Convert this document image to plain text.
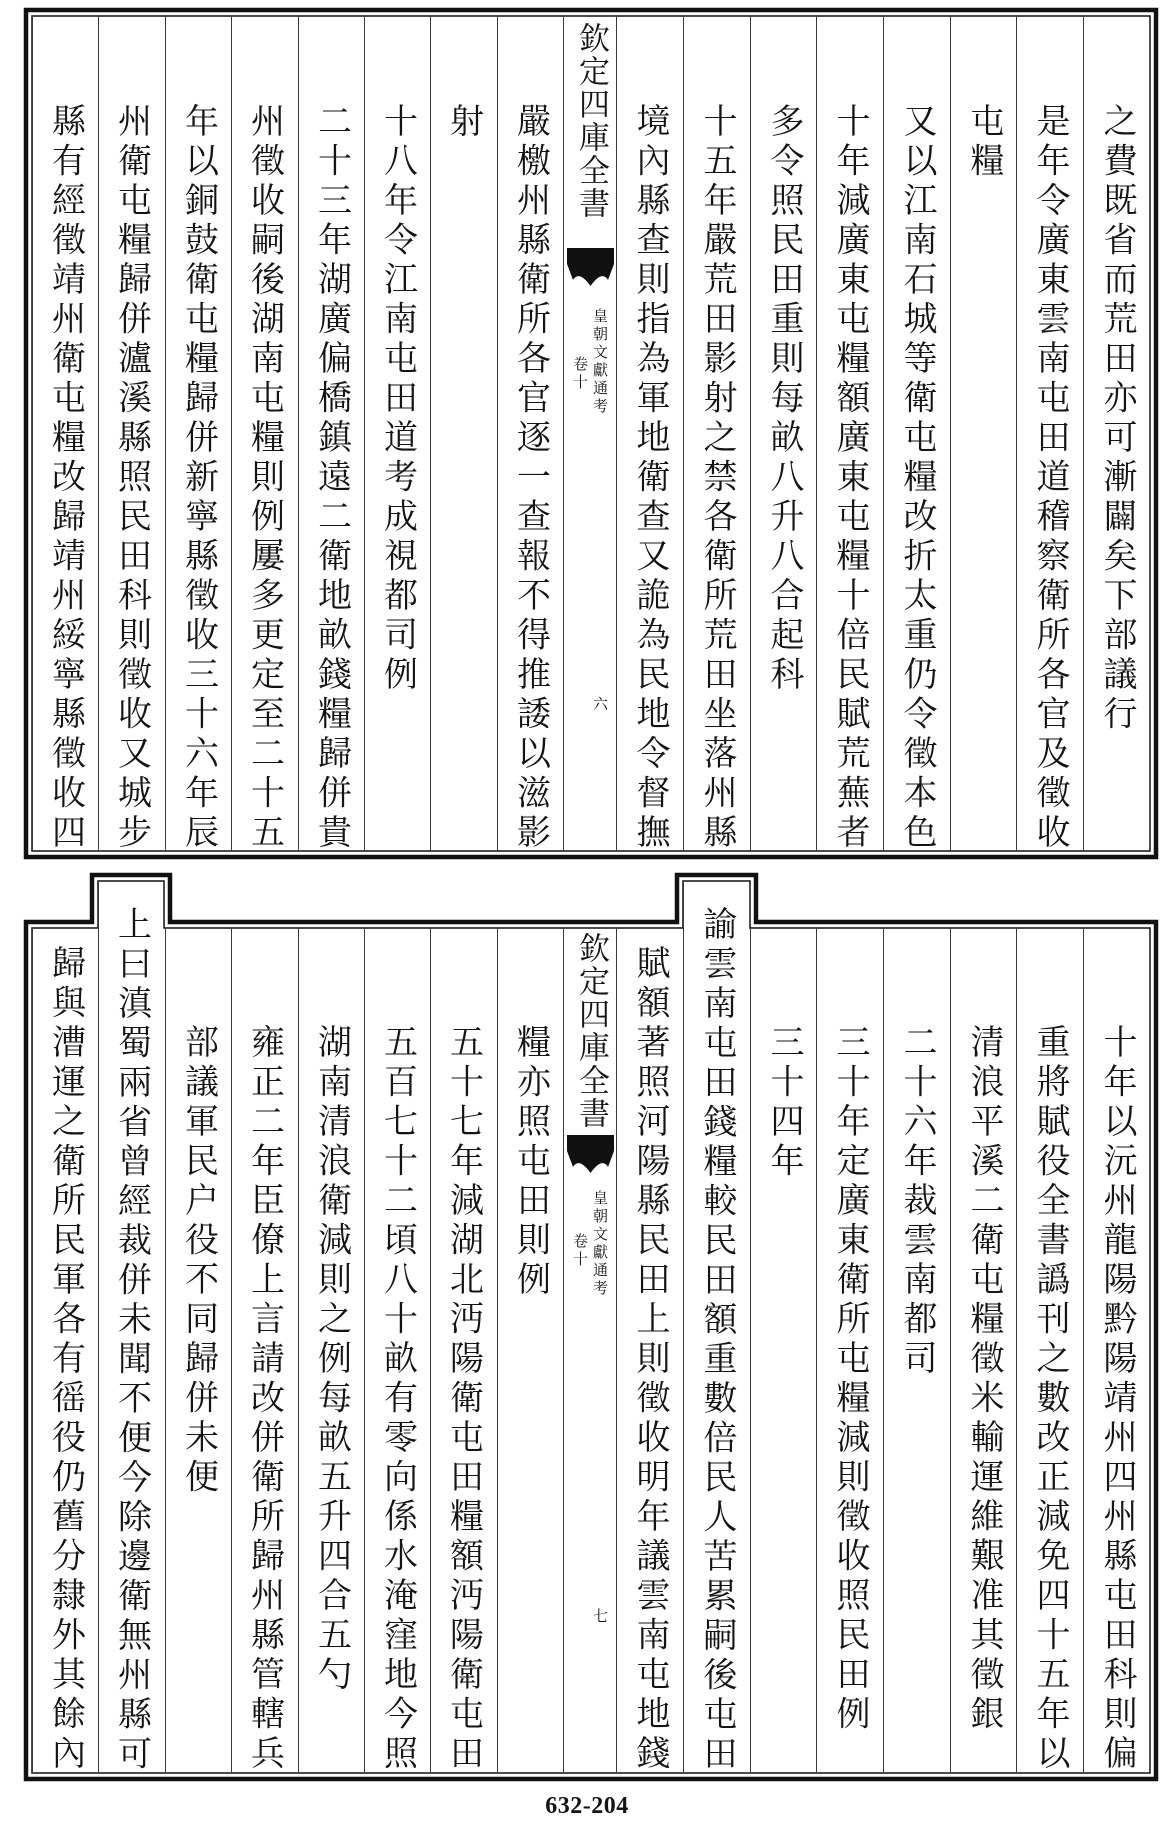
之費既省而荒田亦可漸闢矣下部議行
是年令廣東雲南屯田道稽察衛所各官及徵收
屯糧
又以江南石城等衛屯糧改折太重仍令徵本色
十年減廣東屯糧額廣東屯糧十倍民賦荒蕪者
多令照民田重則每畝八升八合起科
十五年嚴荒田影射之禁各衛所荒田坐落州縣
境內縣查則指為軍地衛查又詭為民地令督撫
欽定四庫全書
皇朝文獻通考
卷十
六
嚴檄州縣衛所各官逐一查報不得推諉以滋影
射
十八年令江南屯田道考成視都司例
二十三年湖廣偏橋鎮遠二衛地畝錢糧歸併貴
州徵收嗣後湖南屯糧則例屢多更定至二十五
年以銅鼓衛屯糧歸併新寧縣徵收三十六年辰
州衛屯糧歸併瀘溪縣照民田科則徵收又城步
縣有經徵靖州衛屯糧改歸靖州綏寧縣徵收四
十年以沅州龍陽黔陽靖州四州縣屯田科則偏
重將賦役全書譌刊之數改正減免四十五年以
清浪平溪二衛屯糧徵米輸運維艱准其徵銀
二十六年裁雲南都司
三十年定廣東衛所屯糧減則徵收照民田例
三十四年
諭雲南屯田錢糧較民田額重數倍民人苦累嗣後屯田
賦額著照河陽縣民田上則徵收明年議雲南屯地錢
欽定四庫全書
皇朝文獻通考
卷十
七
糧亦照屯田則例
五十七年減湖北沔陽衛屯田糧額沔陽衛屯田
五百七十二頃八十畝有零向係水淹窪地今照
湖南清浪衛減則之例每畝五升四合五勺
雍正二年臣僚上言請改併衛所歸州縣管轄兵
部議軍民户役不同歸併未便
上曰滇蜀兩省曾經裁併未聞不便今除邊衛無州縣可
歸與漕運之衛所民軍各有徭役仍舊分隸外其餘內
632-204
